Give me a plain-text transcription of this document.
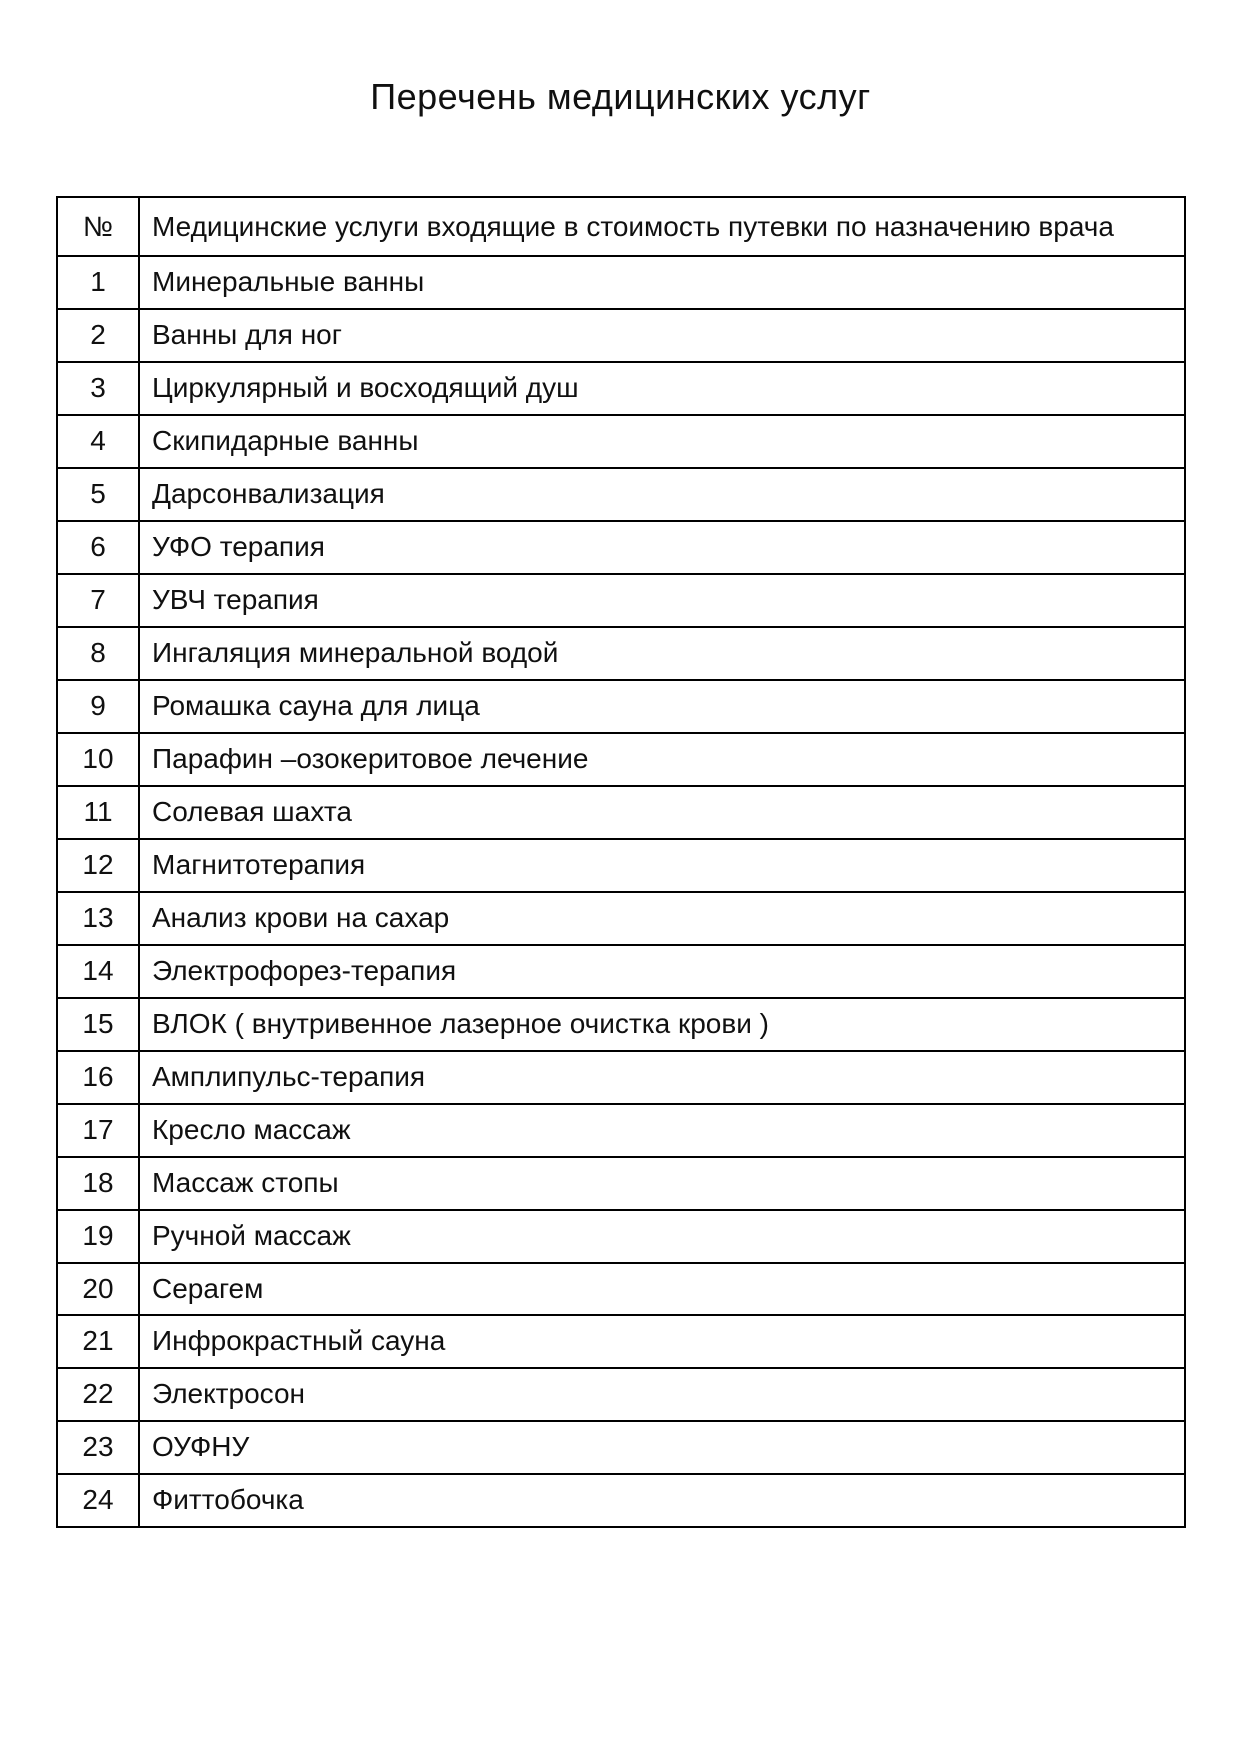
Перечень медицинских услуг
№	Медицинские услуги входящие в стоимость путевки по назначению врача
1	Минеральные ванны
2	Ванны для ног
3	Циркулярный и восходящий душ
4	Скипидарные ванны
5	Дарсонвализация
6	УФО терапия
7	УВЧ терапия
8	Ингаляция минеральной водой
9	Ромашка сауна для лица
10	Парафин –озокеритовое лечение
11	Солевая шахта
12	Магнитотерапия
13	Анализ крови на сахар
14	Электрофорез-терапия
15	ВЛОК ( внутривенное лазерное очистка крови )
16	Амплипульс-терапия
17	Кресло массаж
18	Массаж стопы
19	Ручной массаж
20	Серагем
21	Инфрокрастный сауна
22	Электросон
23	ОУФНУ
24	Фиттобочка
